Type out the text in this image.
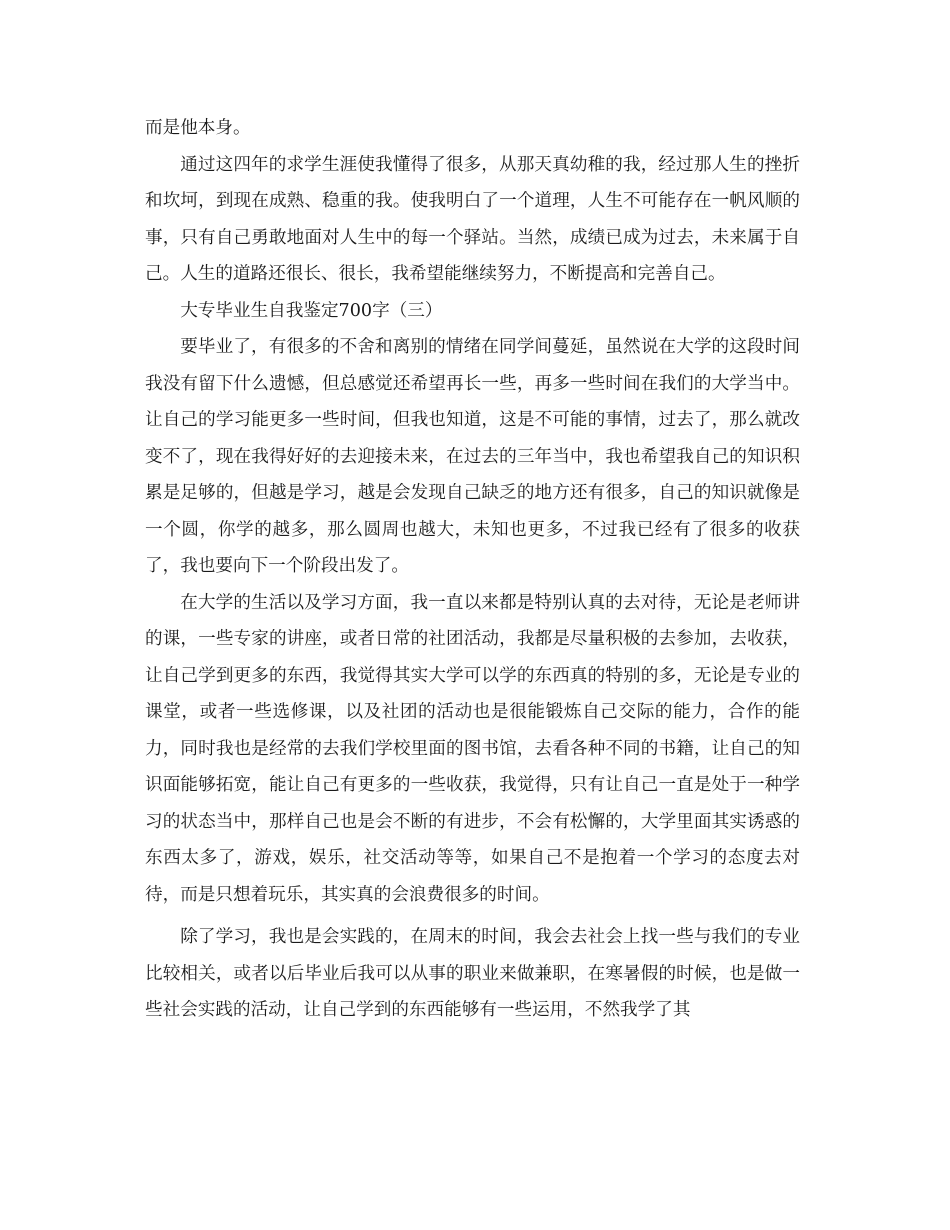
而是他本身。

通过这四年的求学生涯使我懂得了很多，从那天真幼稚的我，经过那人生的挫折和坎坷，到现在成熟、稳重的我。使我明白了一个道理，人生不可能存在一帆风顺的事，只有自己勇敢地面对人生中的每一个驿站。当然，成绩已成为过去，未来属于自己。人生的道路还很长、很长，我希望能继续努力，不断提高和完善自己。

大专毕业生自我鉴定700字（三）

要毕业了，有很多的不舍和离别的情绪在同学间蔓延，虽然说在大学的这段时间我没有留下什么遗憾，但总感觉还希望再长一些，再多一些时间在我们的大学当中。让自己的学习能更多一些时间，但我也知道，这是不可能的事情，过去了，那么就改变不了，现在我得好好的去迎接未来，在过去的三年当中，我也希望我自己的知识积累是足够的，但越是学习，越是会发现自己缺乏的地方还有很多，自己的知识就像是一个圆，你学的越多，那么圆周也越大，未知也更多，不过我已经有了很多的收获了，我也要向下一个阶段出发了。

在大学的生活以及学习方面，我一直以来都是特别认真的去对待，无论是老师讲的课，一些专家的讲座，或者日常的社团活动，我都是尽量积极的去参加，去收获，让自己学到更多的东西，我觉得其实大学可以学的东西真的特别的多，无论是专业的课堂，或者一些选修课，以及社团的活动也是很能锻炼自己交际的能力，合作的能力，同时我也是经常的去我们学校里面的图书馆，去看各种不同的书籍，让自己的知识面能够拓宽，能让自己有更多的一些收获，我觉得，只有让自己一直是处于一种学习的状态当中，那样自己也是会不断的有进步，不会有松懈的，大学里面其实诱惑的东西太多了，游戏，娱乐，社交活动等等，如果自己不是抱着一个学习的态度去对待，而是只想着玩乐，其实真的会浪费很多的时间。

除了学习，我也是会实践的，在周末的时间，我会去社会上找一些与我们的专业比较相关，或者以后毕业后我可以从事的职业来做兼职，在寒暑假的时候，也是做一些社会实践的活动，让自己学到的东西能够有一些运用，不然我学了其
